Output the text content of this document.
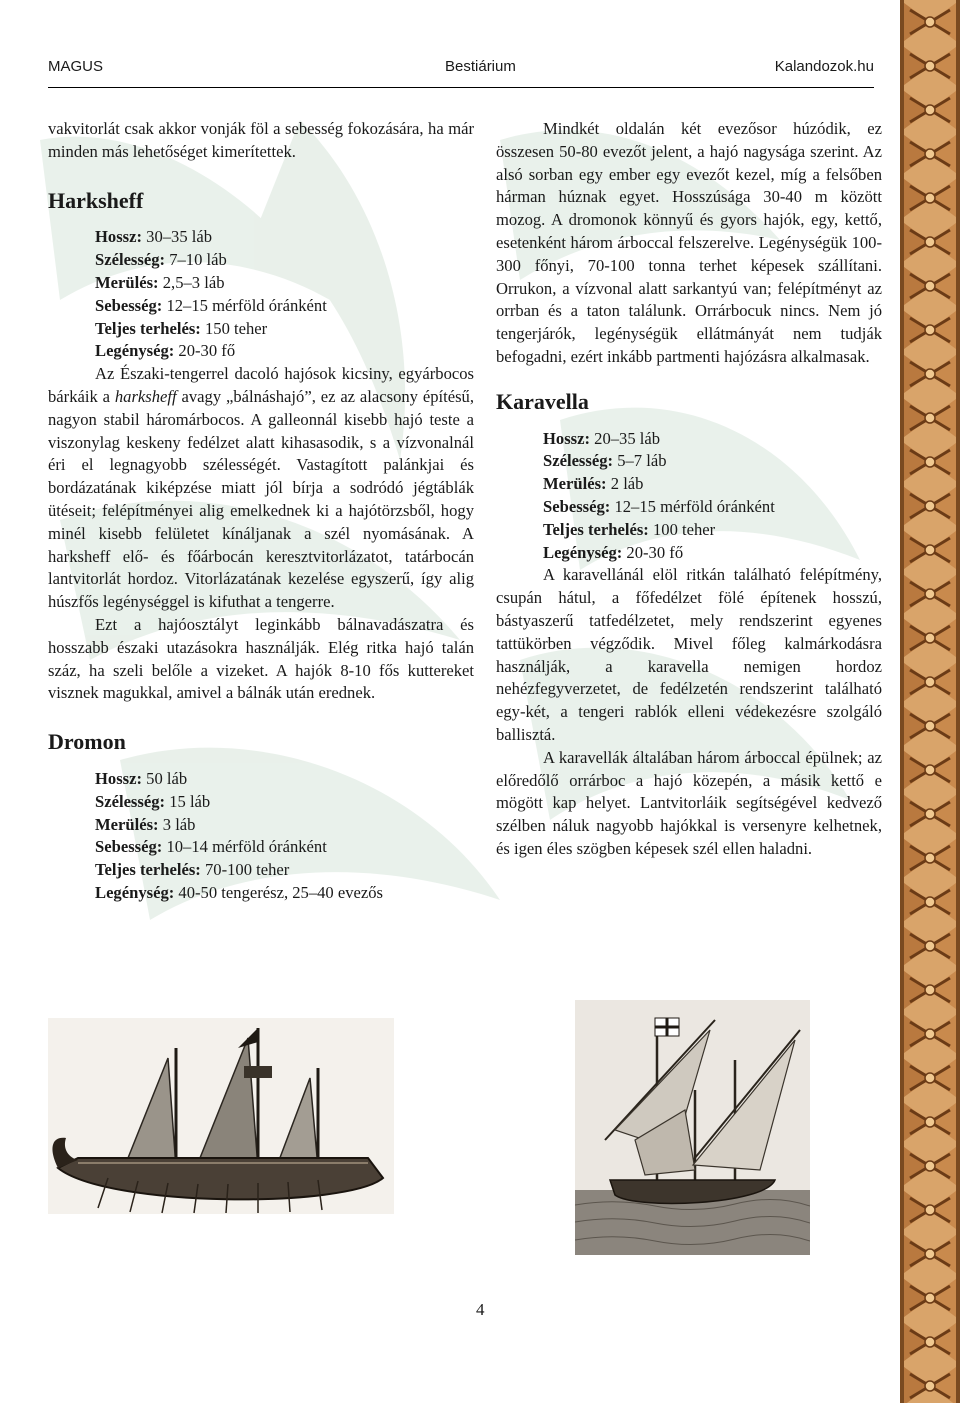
MAGUS	Bestiárium	Kalandozok.hu

vakvitorlát csak akkor vonják föl a sebesség fokozására, ha már minden más lehetőséget kimerítettek.

Harksheff
Hossz: 30–35 láb
Szélesség: 7–10 láb
Merülés: 2,5–3 láb
Sebesség: 12–15 mérföld óránként
Teljes terhelés: 150 teher
Legénység: 20-30 fő

Az Északi-tengerrel dacoló hajósok kicsiny, egyárbocos bárkáik a harksheff avagy „bálnáshajó”, ez az alacsony építésű, nagyon stabil háromárbocos. A galleonnál kisebb hajó teste a viszonylag keskeny fedélzet alatt kihasasodik, s a vízvonalnál éri el legnagyobb szélességét. Vastagított palánkjai és bordázatának kiképzése miatt jól bírja a sodródó jégtáblák ütéseit; felépítményei alig emelkednek ki a hajótörzsből, hogy minél kisebb felületet kínáljanak a szél nyomásának. A harksheff elő- és főárbocán keresztvitorlázatot, tatárbocán lantvitorlát hordoz. Vitorlázatának kezelése egyszerű, így alig húszfős legénységgel is kifuthat a tengerre.

Ezt a hajóosztályt leginkább bálnavadászatra és hosszabb északi utazásokra használják. Elég ritka hajó talán száz, ha szeli belőle a vizeket. A hajók 8-10 fős kuttereket visznek magukkal, amivel a bálnák után erednek.

Dromon
Hossz: 50 láb
Szélesség: 15 láb
Merülés: 3 láb
Sebesség: 10–14 mérföld óránként
Teljes terhelés: 70-100 teher
Legénység: 40-50 tengerész, 25–40 evezős

Mindkét oldalán két evezősor húzódik, ez összesen 50-80 evezőt jelent, a hajó nagysága szerint. Az alsó sorban egy ember egy evezőt kezel, míg a felsőben hárman húznak egyet. Hosszúsága 30-40 m között mozog. A dromonok könnyű és gyors hajók, egy, kettő, esetenként három árboccal felszerelve. Legénységük 100-300 főnyi, 70-100 tonna terhet képesek szállítani. Orrukon, a vízvonal alatt sarkantyú van; felépítményt az orrban és a taton találunk. Orrárbocuk nincs. Nem jó tengerjárók, legénységük ellátmányát nem tudják befogadni, ezért inkább partmenti hajózásra alkalmasak.

Karavella
Hossz: 20–35 láb
Szélesség: 5–7 láb
Merülés: 2 láb
Sebesség: 12–15 mérföld óránként
Teljes terhelés: 100 teher
Legénység: 20-30 fő

A karavellánál elöl ritkán található felépítmény, csupán hátul, a főfedélzet fölé építenek hosszú, bástyaszerű tatfedélzetet, mely rendszerint egyenes tattükörben végződik. Mivel főleg kalmárkodásra használják, a karavella nemigen hordoz nehézfegyverzetet, de fedélzetén rendszerint található egy-két, a tengeri rablók elleni védekezésre szolgáló ballisztá.

A karavellák általában három árboccal épülnek; az előredőlő orrárboc a hajó közepén, a másik kettő e mögött kap helyet. Lantvitorláik segítségével kedvező szélben náluk nagyobb hajókkal is versenyre kelhetnek, és igen éles szögben képesek szél ellen haladni.

4
